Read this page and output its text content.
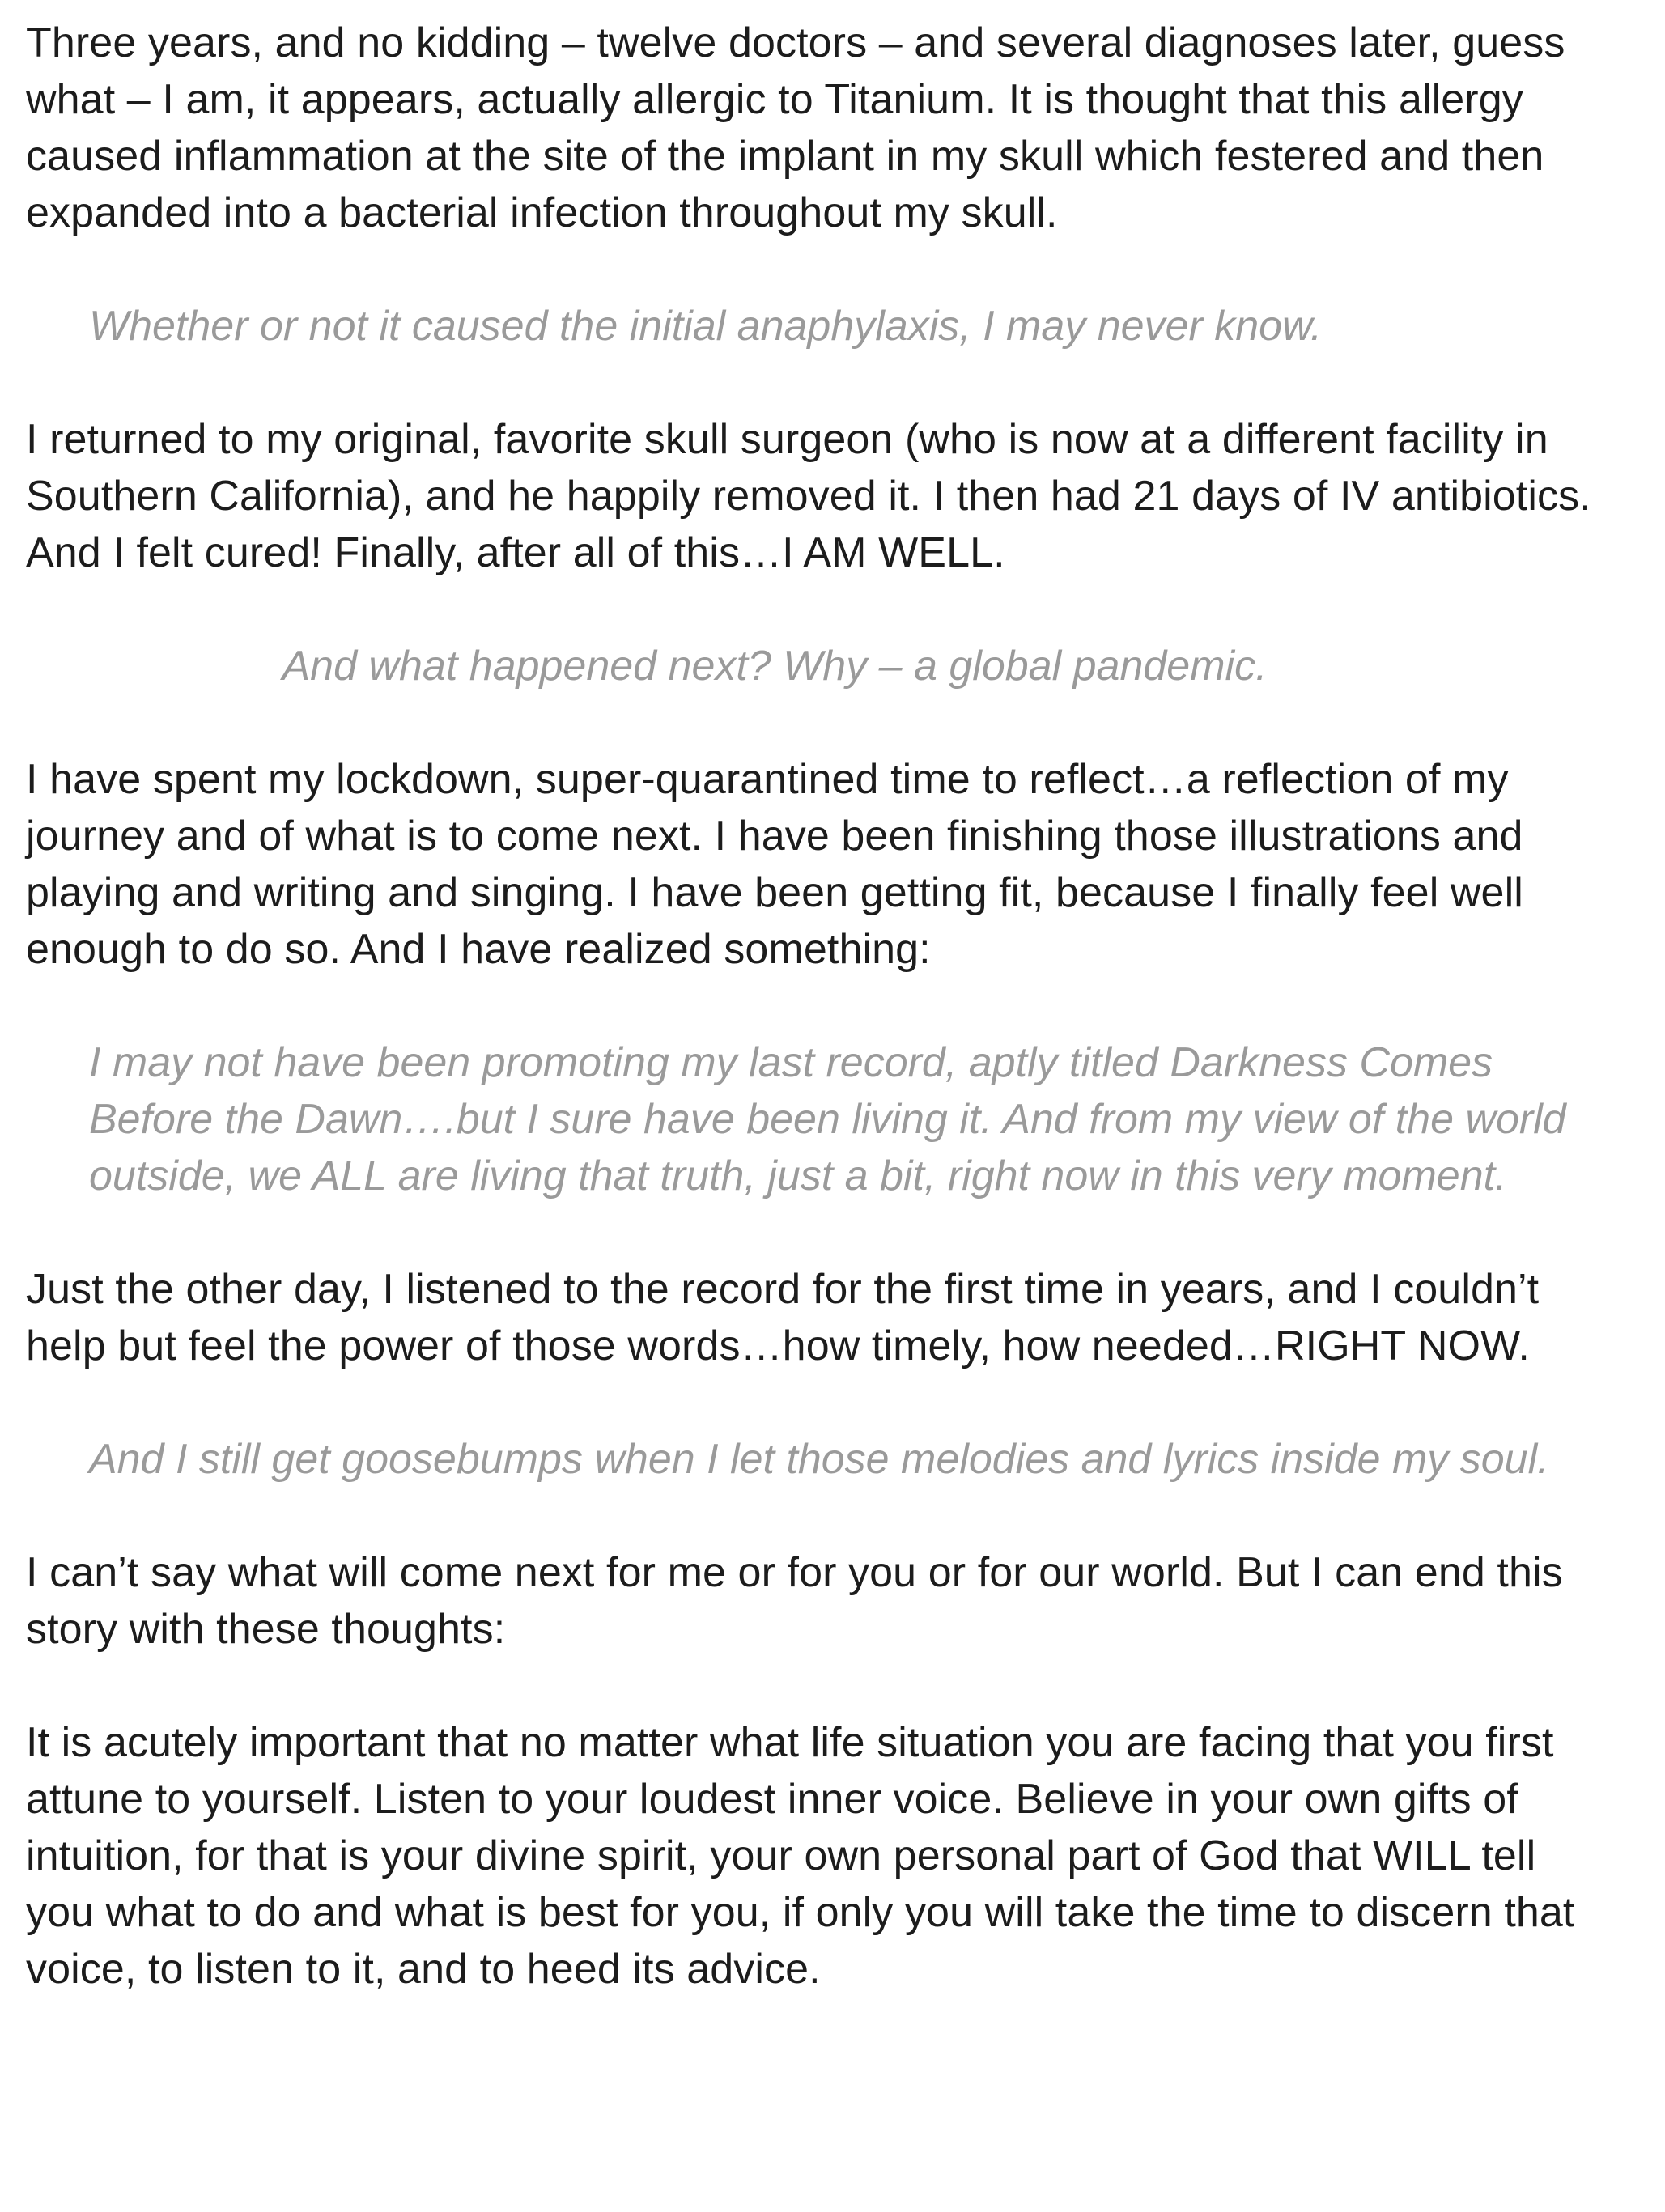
Three years, and no kidding – twelve doctors – and several diagnoses later, guess what – I am, it appears, actually allergic to Titanium. It is thought that this allergy caused inflammation at the site of the implant in my skull which festered and then expanded into a bacterial infection throughout my skull.

Whether or not it caused the initial anaphylaxis, I may never know.

I returned to my original, favorite skull surgeon (who is now at a different facility in Southern California), and he happily removed it. I then had 21 days of IV antibiotics. And I felt cured! Finally, after all of this…I AM WELL.

And what happened next? Why – a global pandemic.

I have spent my lockdown, super-quarantined time to reflect…a reflection of my journey and of what is to come next. I have been finishing those illustrations and playing and writing and singing. I have been getting fit, because I finally feel well enough to do so. And I have realized something:

I may not have been promoting my last record, aptly titled Darkness Comes Before the Dawn….but I sure have been living it. And from my view of the world outside, we ALL are living that truth, just a bit, right now in this very moment.

Just the other day, I listened to the record for the first time in years, and I couldn’t help but feel the power of those words…how timely, how needed…RIGHT NOW.

And I still get goosebumps when I let those melodies and lyrics inside my soul.

I can’t say what will come next for me or for you or for our world. But I can end this story with these thoughts:

It is acutely important that no matter what life situation you are facing that you first attune to yourself. Listen to your loudest inner voice. Believe in your own gifts of intuition, for that is your divine spirit, your own personal part of God that WILL tell you what to do and what is best for you, if only you will take the time to discern that voice, to listen to it, and to heed its advice.
